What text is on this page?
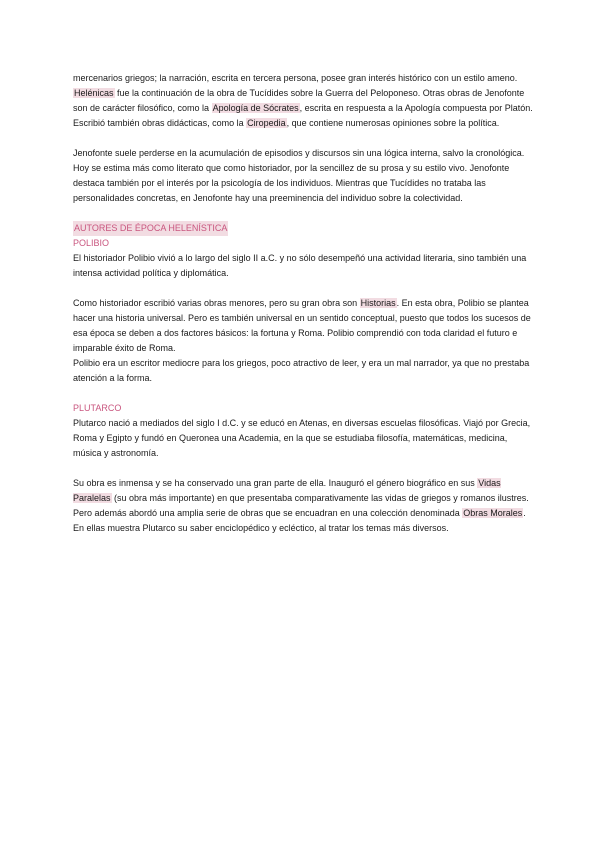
mercenarios griegos; la narración, escrita en tercera persona, posee gran interés histórico con un estilo ameno. Helénicas fue la continuación de la obra de Tucídides sobre la Guerra del Peloponeso. Otras obras de Jenofonte son de carácter filosófico, como la Apología de Sócrates, escrita en respuesta a la Apología compuesta por Platón. Escribió también obras didácticas, como la Ciropedia, que contiene numerosas opiniones sobre la política.

Jenofonte suele perderse en la acumulación de episodios y discursos sin una lógica interna, salvo la cronológica. Hoy se estima más como literato que como historiador, por la sencillez de su prosa y su estilo vivo. Jenofonte destaca también por el interés por la psicología de los individuos. Mientras que Tucídides no trataba las personalidades concretas, en Jenofonte hay una preeminencia del individuo sobre la colectividad.

AUTORES DE ÉPOCA HELENÍSTICA

POLIBIO

El historiador Polibio vivió a lo largo del siglo II a.C. y no sólo desempeñó una actividad literaria, sino también una intensa actividad política y diplomática.

Como historiador escribió varias obras menores, pero su gran obra son Historias. En esta obra, Polibio se plantea hacer una historia universal. Pero es también universal en un sentido conceptual, puesto que todos los sucesos de esa época se deben a dos factores básicos: la fortuna y Roma. Polibio comprendió con toda claridad el futuro e imparable éxito de Roma.

Polibio era un escritor mediocre para los griegos, poco atractivo de leer, y era un mal narrador, ya que no prestaba atención a la forma.

PLUTARCO

Plutarco nació a mediados del siglo I d.C. y se educó en Atenas, en diversas escuelas filosóficas. Viajó por Grecia, Roma y Egipto y fundó en Queronea una Academia, en la que se estudiaba filosofía, matemáticas, medicina, música y astronomía.

Su obra es inmensa y se ha conservado una gran parte de ella. Inauguró el género biográfico en sus Vidas Paralelas (su obra más importante) en que presentaba comparativamente las vidas de griegos y romanos ilustres. Pero además abordó una amplia serie de obras que se encuadran en una colección denominada Obras Morales. En ellas muestra Plutarco su saber enciclopédico y ecléctico, al tratar los temas más diversos.
